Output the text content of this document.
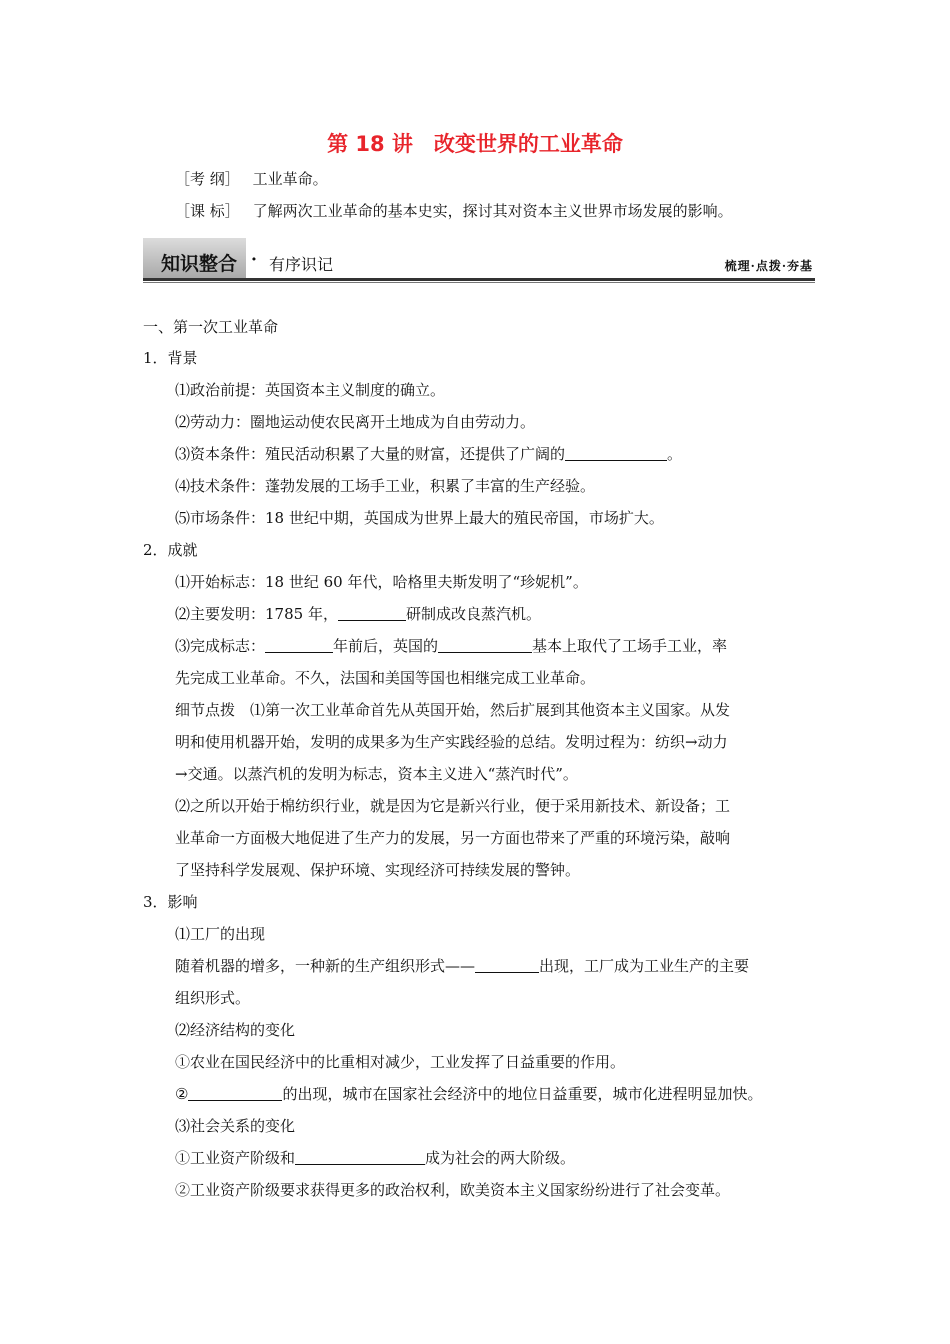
第 18 讲　改变世界的工业革命
［考 纲］ 工业革命。
［课 标］ 了解两次工业革命的基本史实，探讨其对资本主义世界市场发展的影响。
知识整合 · 有序识记	梳理·点拨·夯基
一、第一次工业革命
1．背景
⑴政治前提：英国资本主义制度的确立。
⑵劳动力：圈地运动使农民离开土地成为自由劳动力。
⑶资本条件：殖民活动积累了大量的财富，还提供了广阔的	。
⑷技术条件：蓬勃发展的工场手工业，积累了丰富的生产经验。
⑸市场条件：18 世纪中期，英国成为世界上最大的殖民帝国，市场扩大。
2．成就
⑴开始标志：18 世纪 60 年代，哈格里夫斯发明了“珍妮机”。
⑵主要发明：1785 年，	研制成改良蒸汽机。
⑶完成标志：	年前后，英国的	基本上取代了工场手工业，率
先完成工业革命。不久，法国和美国等国也相继完成工业革命。
细节点拨　⑴第一次工业革命首先从英国开始，然后扩展到其他资本主义国家。从发
明和使用机器开始，发明的成果多为生产实践经验的总结。发明过程为：纺织→动力
→交通。以蒸汽机的发明为标志，资本主义进入“蒸汽时代”。
⑵之所以开始于棉纺织行业，就是因为它是新兴行业，便于采用新技术、新设备；工
业革命一方面极大地促进了生产力的发展，另一方面也带来了严重的环境污染，敲响
了坚持科学发展观、保护环境、实现经济可持续发展的警钟。
3．影响
⑴工厂的出现
随着机器的增多，一种新的生产组织形式——	出现，工厂成为工业生产的主要
组织形式。
⑵经济结构的变化
①农业在国民经济中的比重相对减少，工业发挥了日益重要的作用。
②	的出现，城市在国家社会经济中的地位日益重要，城市化进程明显加快。
⑶社会关系的变化
①工业资产阶级和	成为社会的两大阶级。
②工业资产阶级要求获得更多的政治权利，欧美资本主义国家纷纷进行了社会变革。
